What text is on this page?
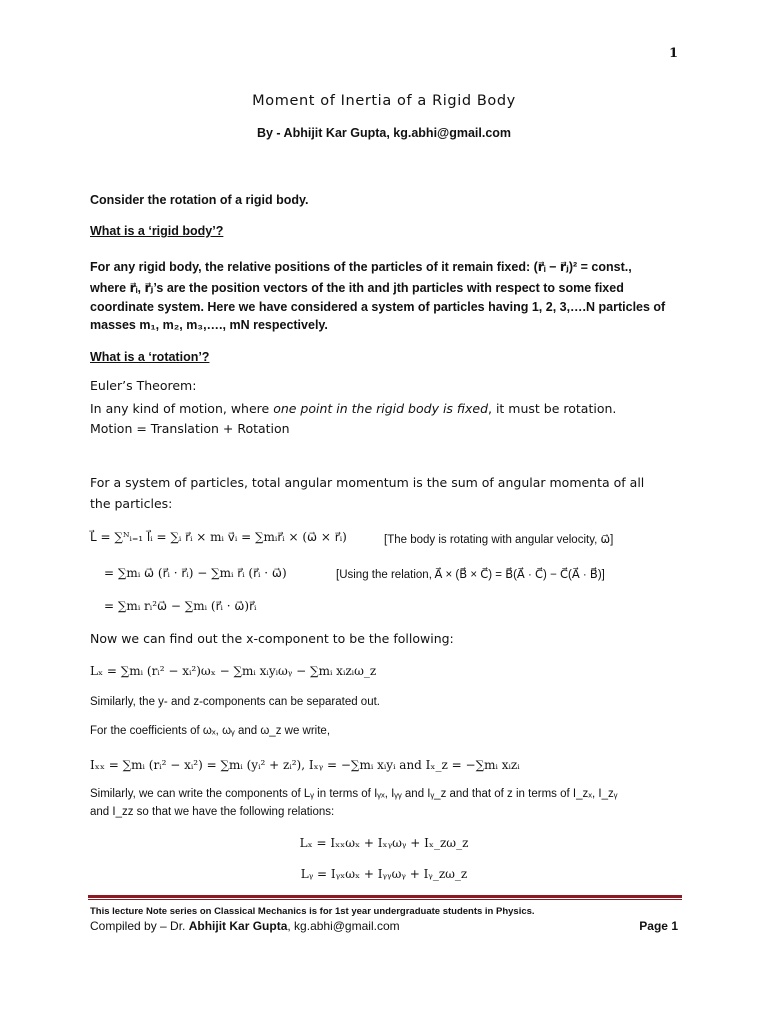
1
Moment of Inertia of a Rigid Body
By - Abhijit Kar Gupta, kg.abhi@gmail.com
Consider the rotation of a rigid body.
What is a ‘rigid body’?
For any rigid body, the relative positions of the particles of it remain fixed: (r⃗ᵢ − r⃗ⱼ)² = const.,
where r⃗ᵢ, r⃗ⱼ’s are the position vectors of the ith and jth particles with respect to some fixed
coordinate system. Here we have considered a system of particles having 1, 2, 3,….N particles of
masses m₁, m₂, m₃,…., mN respectively.
What is a ‘rotation’?
Euler’s Theorem:
In any kind of motion, where one point in the rigid body is fixed, it must be rotation.
Motion = Translation + Rotation
For a system of particles, total angular momentum is the sum of angular momenta of all
the particles:
L⃗ = ∑ᴺᵢ₌₁ l⃗ᵢ = ∑ᵢ r⃗ᵢ × mᵢ v⃗ᵢ = ∑mᵢr⃗ᵢ × (ω⃗ × r⃗ᵢ)	[The body is rotating with angular velocity, ω⃗]
= ∑mᵢ ω⃗ (r⃗ᵢ · r⃗ᵢ) − ∑mᵢ r⃗ᵢ (r⃗ᵢ · ω⃗)	[Using the relation, A⃗ × (B⃗ × C⃗) = B⃗(A⃗ · C⃗) − C⃗(A⃗ · B⃗)]
= ∑mᵢ rᵢ²ω⃗ − ∑mᵢ (r⃗ᵢ · ω⃗)r⃗ᵢ
Now we can find out the x-component to be the following:
Lₓ = ∑mᵢ (rᵢ² − xᵢ²)ωₓ − ∑mᵢ xᵢyᵢωᵧ − ∑mᵢ xᵢzᵢω_z
Similarly, the y- and z-components can be separated out.
For the coefficients of ωₓ, ωᵧ and ω_z we write,
Iₓₓ = ∑mᵢ (rᵢ² − xᵢ²) = ∑mᵢ (yᵢ² + zᵢ²), Iₓᵧ = −∑mᵢ xᵢyᵢ and Iₓ_z = −∑mᵢ xᵢzᵢ
Similarly, we can write the components of Lᵧ in terms of Iᵧₓ, Iᵧᵧ and Iᵧ_z and that of z in terms of I_zₓ, I_zᵧ
and I_zz so that we have the following relations:
Lₓ = Iₓₓωₓ + Iₓᵧωᵧ + Iₓ_zω_z
Lᵧ = Iᵧₓωₓ + Iᵧᵧωᵧ + Iᵧ_zω_z
This lecture Note series on Classical Mechanics is for 1st year undergraduate students in Physics.
Compiled by – Dr. Abhijit Kar Gupta, kg.abhi@gmail.com	Page 1
